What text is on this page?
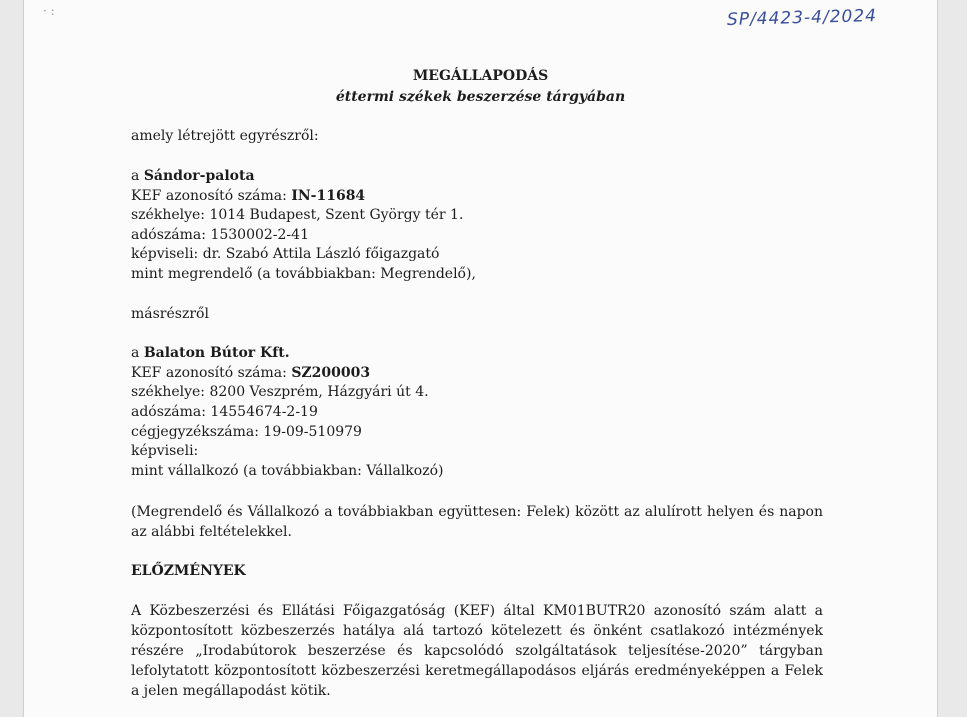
· :	SP/4423-4/2024
MEGÁLLAPODÁS
éttermi székek beszerzése tárgyában
amely létrejött egyrészről:
a Sándor-palota
KEF azonosító száma: IN-11684
székhelye: 1014 Budapest, Szent György tér 1.
adószáma: 1530002-2-41
képviseli: dr. Szabó Attila László főigazgató
mint megrendelő (a továbbiakban: Megrendelő),
másrészről
a Balaton Bútor Kft.
KEF azonosító száma: SZ200003
székhelye: 8200 Veszprém, Házgyári út 4.
adószáma: 14554674-2-19
cégjegyzékszáma: 19-09-510979
képviseli:
mint vállalkozó (a továbbiakban: Vállalkozó)
(Megrendelő és Vállalkozó a továbbiakban együttesen: Felek) között az alulírott helyen és napon az alábbi feltételekkel.
ELŐZMÉNYEK
A Közbeszerzési és Ellátási Főigazgatóság (KEF) által KM01BUTR20 azonosító szám alatt a központosított közbeszerzés hatálya alá tartozó kötelezett és önként csatlakozó intézmények részére „Irodabútorok beszerzése és kapcsolódó szolgáltatások teljesítése-2020” tárgyban lefolytatott központosított közbeszerzési keretmegállapodásos eljárás eredményeképpen a Felek a jelen megállapodást kötik.
